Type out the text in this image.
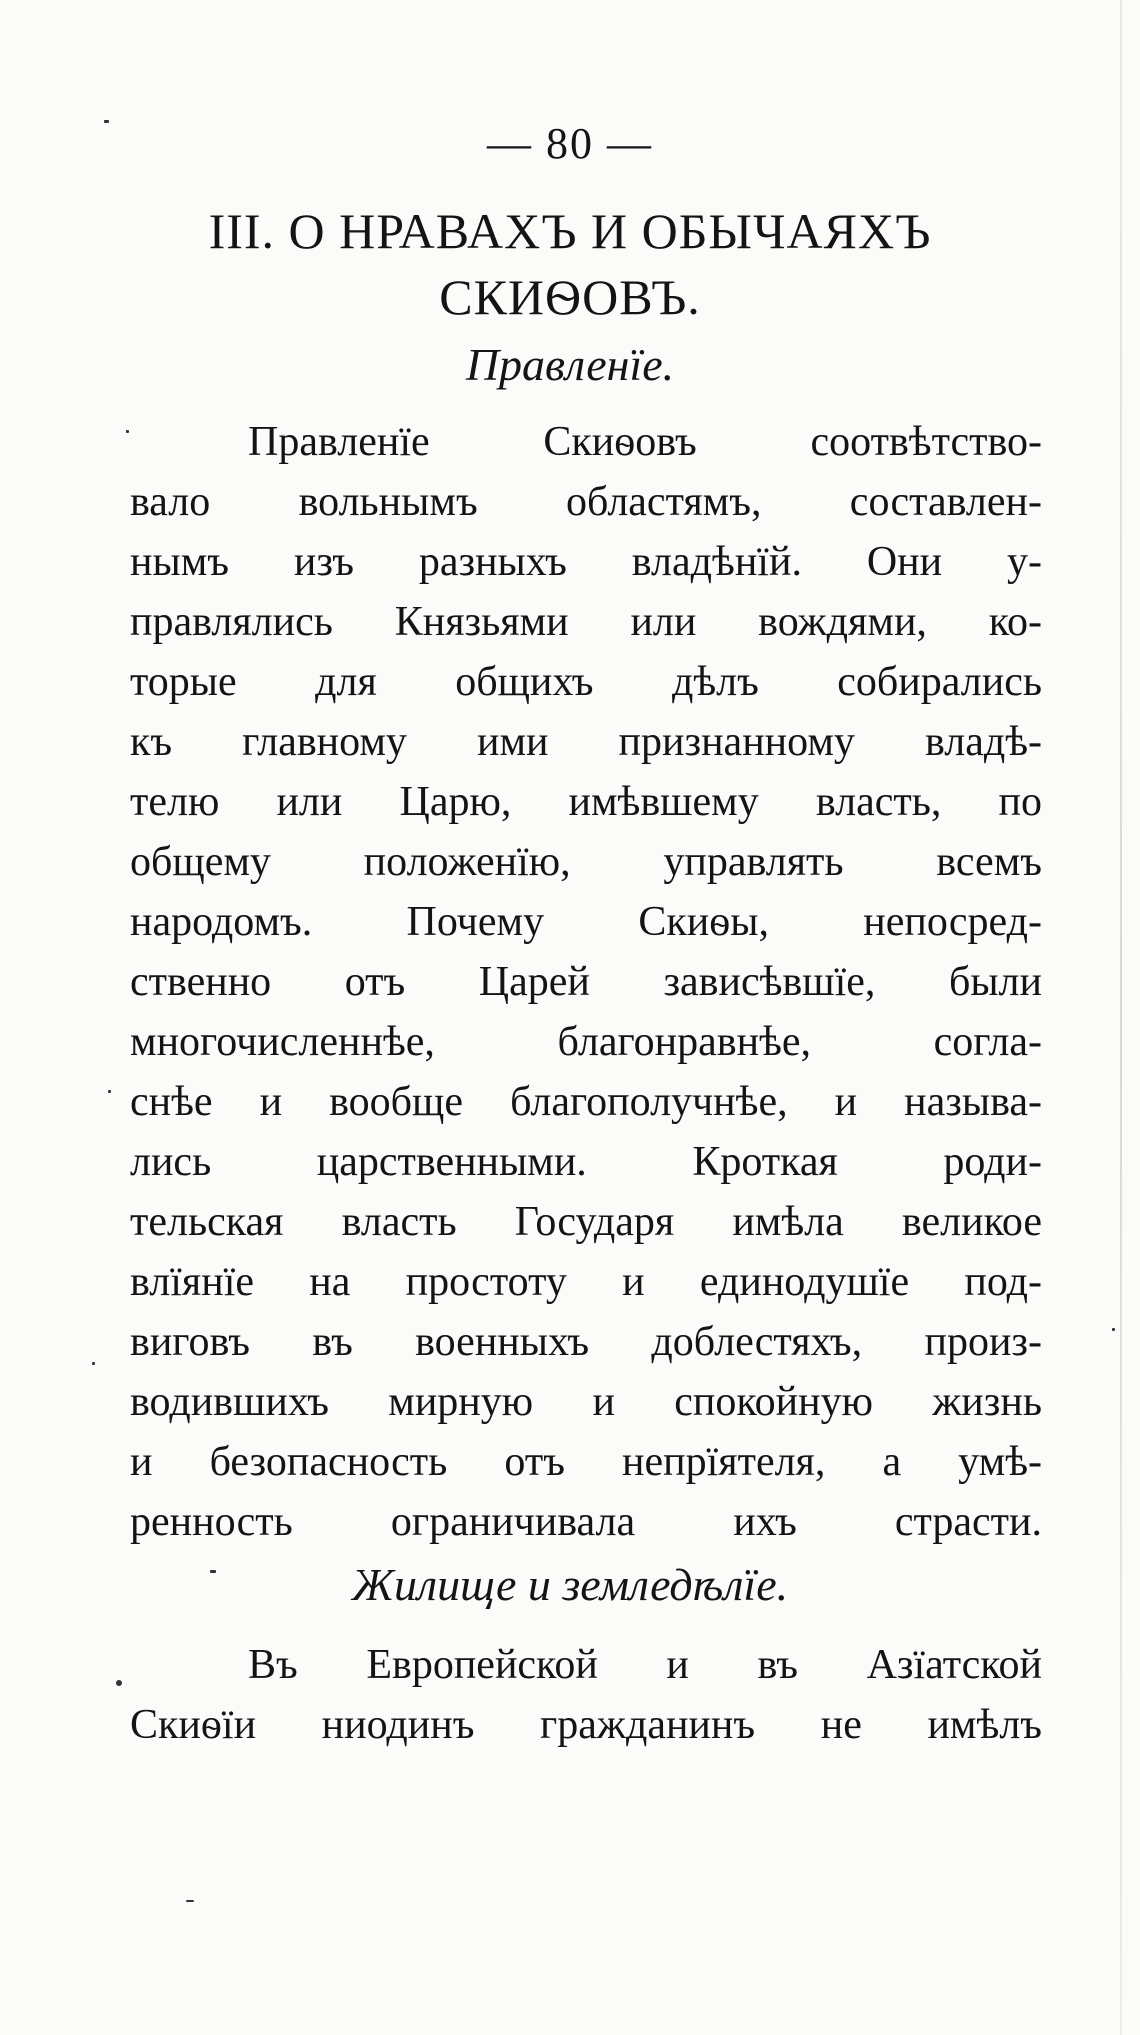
— 80 —
III. О НРАВАХЪ И ОБЫЧАЯХЪ
СКИѲОВЪ.
Правленïе.
Правленïе Скиѳовъ соотвѣтство-
вало вольнымъ областямъ, составлен-
нымъ изъ разныхъ владѣнïй. Они у-
правлялись Князьями или вождями, ко-
торые для общихъ дѣлъ собирались
къ главному ими признанному владѣ-
телю или Царю, имѣвшему власть, по
общему положенïю, управлять всемъ
народомъ. Почему Скиѳы, непосред-
ственно отъ Царей зависѣвшïе, были
многочисленнѣе, благонравнѣе, согла-
снѣе и вообще благополучнѣе, и называ-
лись царственными. Кроткая роди-
тельская власть Государя имѣла великое
влïянïе на простоту и единодушïе под-
виговъ въ военныхъ доблестяхъ, произ-
водившихъ мирную и спокойную жизнь
и безопасность отъ непрïятеля, а умѣ-
ренность ограничивала ихъ страсти.
Жилище и земледѣлïе.
Въ Европейской и въ Азïатской
Скиѳïи ниодинъ гражданинъ не имѣлъ
